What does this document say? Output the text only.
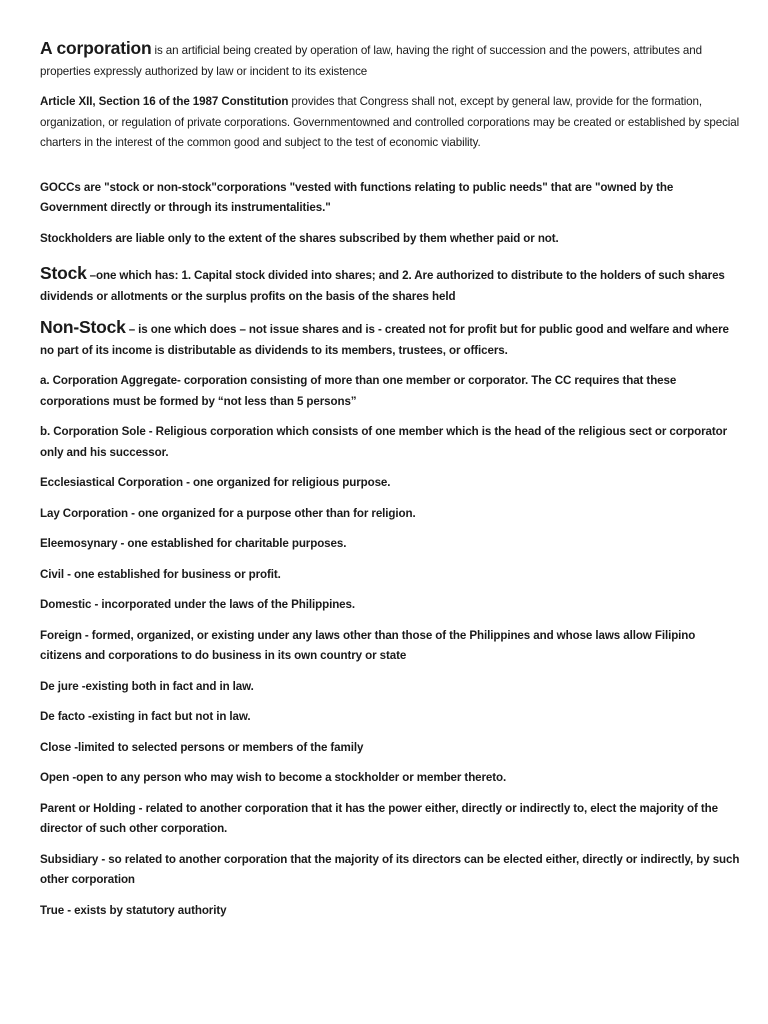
A corporation is an artificial being created by operation of law, having the right of succession and the powers, attributes and properties expressly authorized by law or incident to its existence

Article XII, Section 16 of the 1987 Constitution provides that Congress shall not, except by general law, provide for the formation, organization, or regulation of private corporations. Governmentowned and controlled corporations may be created or established by special charters in the interest of the common good and subject to the test of economic viability.

GOCCs are "stock or non-stock"corporations "vested with functions relating to public needs" that are "owned by the Government directly or through its instrumentalities."

Stockholders are liable only to the extent of the shares subscribed by them whether paid or not.

Stock –one which has: 1. Capital stock divided into shares; and 2. Are authorized to distribute to the holders of such shares dividends or allotments or the surplus profits on the basis of the shares held

Non-Stock – is one which does – not issue shares and is - created not for profit but for public good and welfare and where no part of its income is distributable as dividends to its members, trustees, or officers.

a. Corporation Aggregate- corporation consisting of more than one member or corporator. The CC requires that these corporations must be formed by “not less than 5 persons”

b. Corporation Sole - Religious corporation which consists of one member which is the head of the religious sect or corporator only and his successor.

Ecclesiastical Corporation - one organized for religious purpose.

Lay Corporation - one organized for a purpose other than for religion.

Eleemosynary - one established for charitable purposes.

Civil - one established for business or profit.

Domestic - incorporated under the laws of the Philippines.

Foreign - formed, organized, or existing under any laws other than those of the Philippines and whose laws allow Filipino citizens and corporations to do business in its own country or state

De jure -existing both in fact and in law.

De facto -existing in fact but not in law.

Close -limited to selected persons or members of the family

Open -open to any person who may wish to become a stockholder or member thereto.

Parent or Holding - related to another corporation that it has the power either, directly or indirectly to, elect the majority of the director of such other corporation.

Subsidiary - so related to another corporation that the majority of its directors can be elected either, directly or indirectly, by such other corporation

True - exists by statutory authority
